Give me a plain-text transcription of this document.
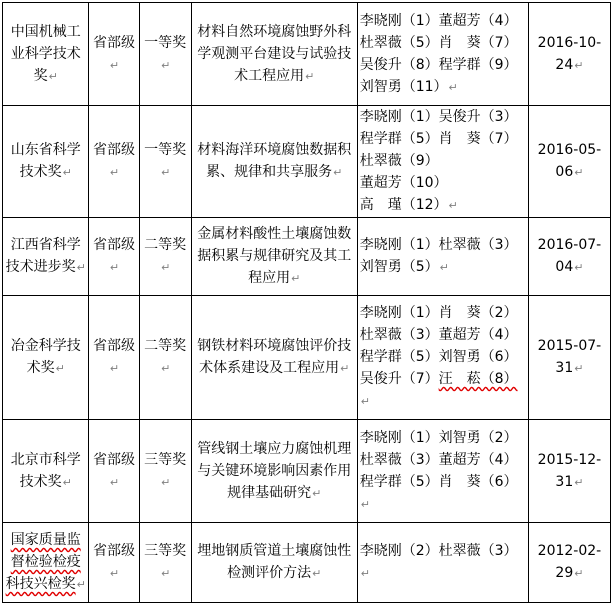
中国机械工业科学技术奖↵	省部级↵	一等奖↵	材料自然环境腐蚀野外科学观测平台建设与试验技术工程应用↵	李晓刚（1）董超芳（4）
杜翠薇（5）肖　葵（7）
吴俊升（8）程学群（9）
刘智勇（11）↵	2016-10-24↵
山东省科学技术奖↵	省部级↵	一等奖↵	材料海洋环境腐蚀数据积累、规律和共享服务↵	李晓刚（1）吴俊升（3）
程学群（5）肖　葵（7）
杜翠薇（9）董超芳（10）
高　瑾（12）↵	2016-05-06↵
江西省科学技术进步奖↵	省部级↵	二等奖↵	金属材料酸性土壤腐蚀数据积累与规律研究及其工程应用↵	李晓刚（1）杜翠薇（3）
刘智勇（5）↵	2016-07-04↵
冶金科学技术奖↵	省部级↵	二等奖↵	钢铁材料环境腐蚀评价技术体系建设及工程应用↵	李晓刚（1）肖　葵（2）
杜翠薇（3）董超芳（4）
程学群（5）刘智勇（6）
吴俊升（7）汪　菘（8）↵	2015-07-31↵
北京市科学技术奖↵	省部级↵	三等奖↵	管线钢土壤应力腐蚀机理与关键环境影响因素作用规律基础研究↵	李晓刚（1）刘智勇（2）
杜翠薇（3）董超芳（4）
程学群（5）肖　葵（6）↵	2015-12-31↵
国家质量监督检验检疫科技兴检奖↵	省部级↵	三等奖↵	埋地钢质管道土壤腐蚀性检测评价方法↵	李晓刚（2）杜翠薇（3）↵	2012-02-29↵
